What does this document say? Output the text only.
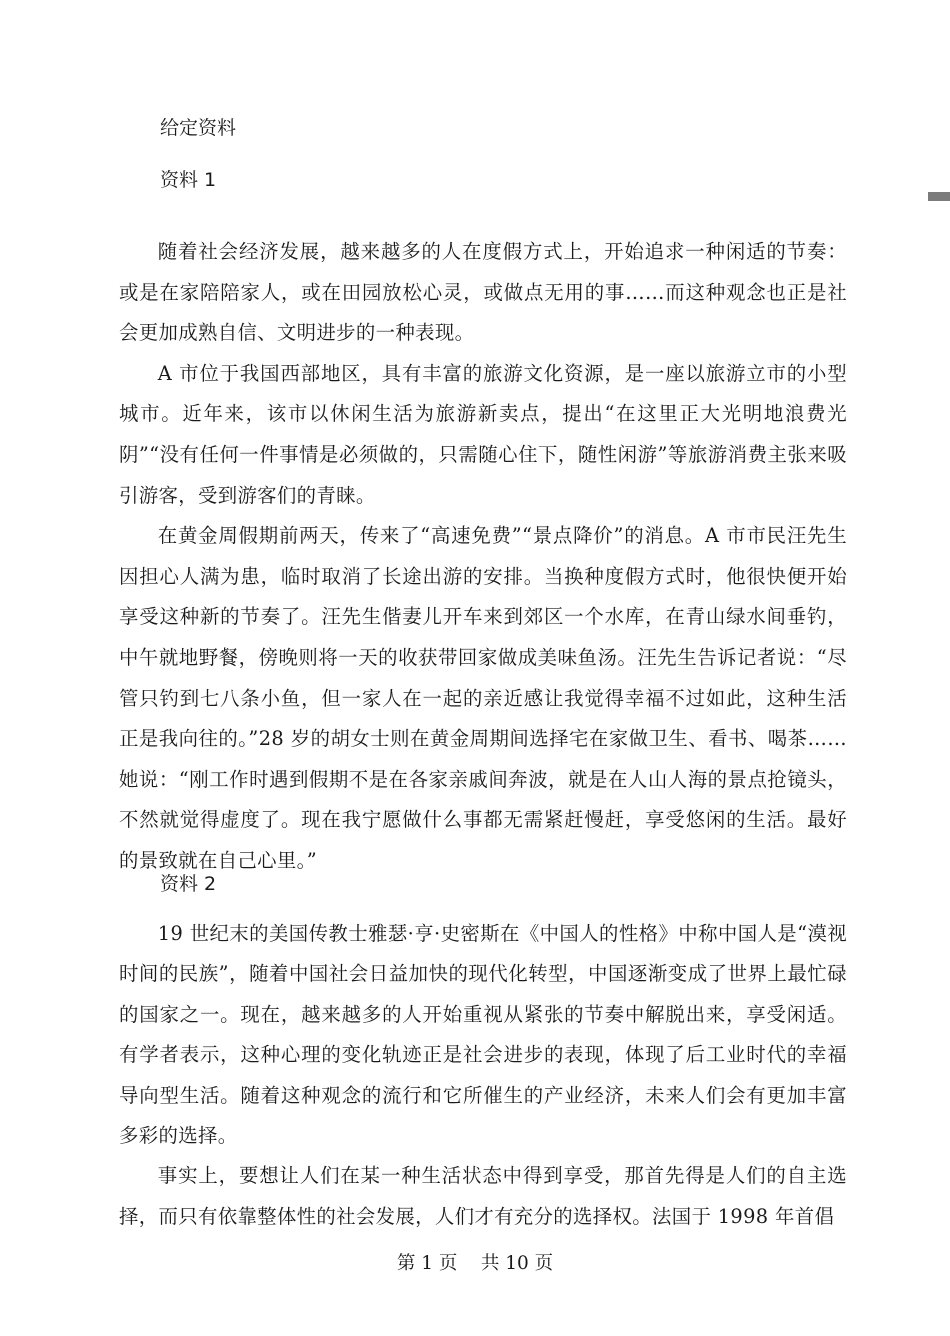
给定资料
资料 1

随着社会经济发展，越来越多的人在度假方式上，开始追求一种闲适的节奏：或是在家陪陪家人，或在田园放松心灵，或做点无用的事……而这种观念也正是社会更加成熟自信、文明进步的一种表现。

A 市位于我国西部地区，具有丰富的旅游文化资源，是一座以旅游立市的小型城市。近年来，该市以休闲生活为旅游新卖点，提出“在这里正大光明地浪费光阴”“没有任何一件事情是必须做的，只需随心住下，随性闲游”等旅游消费主张来吸引游客，受到游客们的青睐。

在黄金周假期前两天，传来了“高速免费”“景点降价”的消息。A 市市民汪先生因担心人满为患，临时取消了长途出游的安排。当换种度假方式时，他很快便开始享受这种新的节奏了。汪先生偕妻儿开车来到郊区一个水库，在青山绿水间垂钓，中午就地野餐，傍晚则将一天的收获带回家做成美味鱼汤。汪先生告诉记者说：“尽管只钓到七八条小鱼，但一家人在一起的亲近感让我觉得幸福不过如此，这种生活正是我向往的。”28 岁的胡女士则在黄金周期间选择宅在家做卫生、看书、喝茶……她说：“刚工作时遇到假期不是在各家亲戚间奔波，就是在人山人海的景点抢镜头，不然就觉得虚度了。现在我宁愿做什么事都无需紧赶慢赶，享受悠闲的生活。最好的景致就在自己心里。”

资料 2

19 世纪末的美国传教士雅瑟·亨·史密斯在《中国人的性格》中称中国人是“漠视时间的民族”，随着中国社会日益加快的现代化转型，中国逐渐变成了世界上最忙碌的国家之一。现在，越来越多的人开始重视从紧张的节奏中解脱出来，享受闲适。有学者表示，这种心理的变化轨迹正是社会进步的表现，体现了后工业时代的幸福导向型生活。随着这种观念的流行和它所催生的产业经济，未来人们会有更加丰富多彩的选择。

事实上，要想让人们在某一种生活状态中得到享受，那首先得是人们的自主选择，而只有依靠整体性的社会发展，人们才有充分的选择权。法国于 1998 年首倡

第 1 页    共 10 页
